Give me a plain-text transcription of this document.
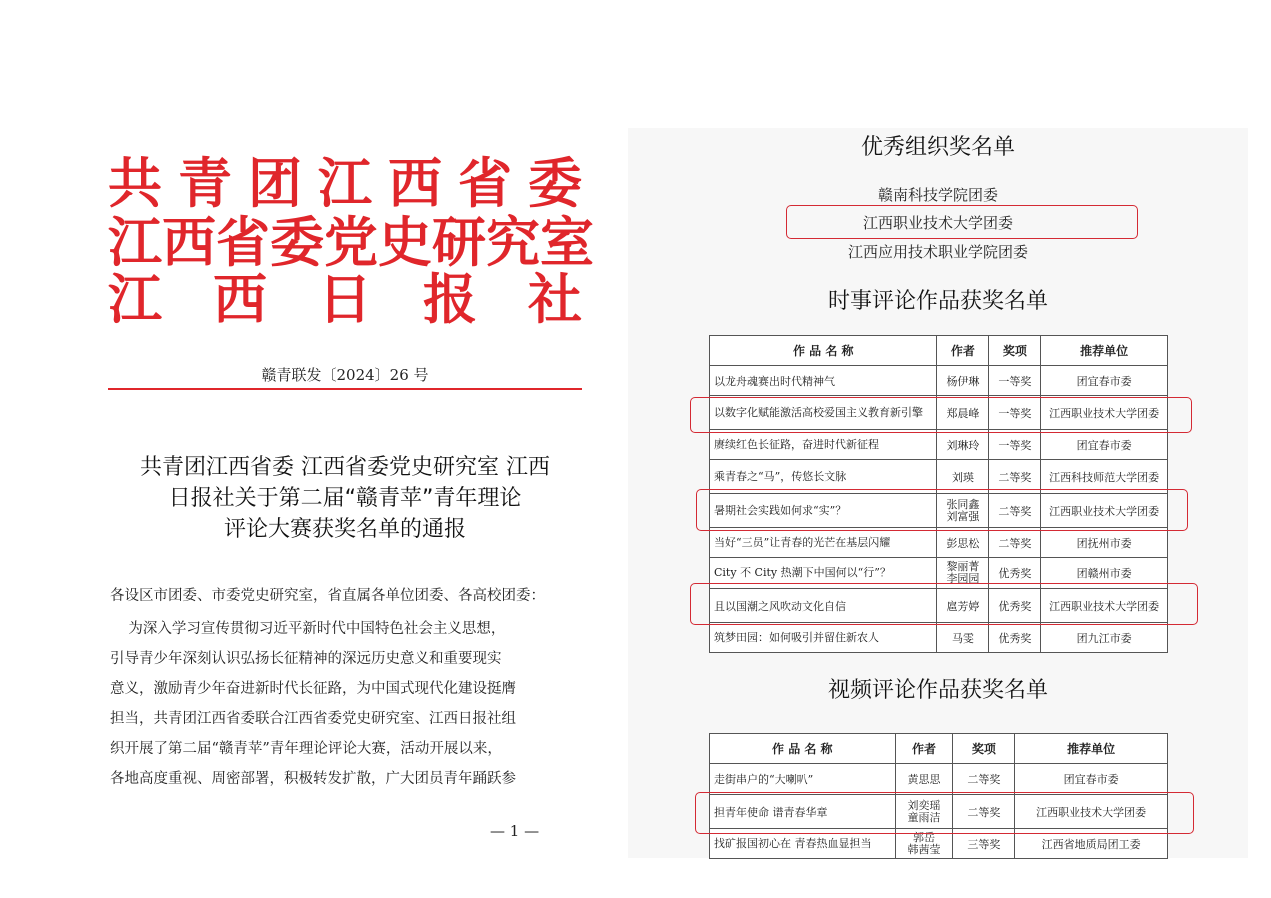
共 青 团 江 西 省 委
江 西 省 委 党 史 研 究 室
江 西 日 报 社
赣青联发〔2024〕26 号
共青团江西省委 江西省委党史研究室 江西
日报社关于第二届“赣青苹”青年理论
评论大赛获奖名单的通报
各设区市团委、市委党史研究室，省直属各单位团委、各高校团委：
为深入学习宣传贯彻习近平新时代中国特色社会主义思想，
引导青少年深刻认识弘扬长征精神的深远历史意义和重要现实
意义，激励青少年奋进新时代长征路，为中国式现代化建设挺膺
担当，共青团江西省委联合江西省委党史研究室、江西日报社组
织开展了第二届“赣青苹”青年理论评论大赛，活动开展以来，
各地高度重视、周密部署，积极转发扩散，广大团员青年踊跃参
— 1 —
优秀组织奖名单
赣南科技学院团委
江西职业技术大学团委
江西应用技术职业学院团委
时事评论作品获奖名单
作 品 名 称	作者	奖项	推荐单位
以龙舟魂赛出时代精神气	杨伊琳	一等奖	团宜春市委
以数字化赋能激活高校爱国主义教育新引擎	郑晨峰	一等奖	江西职业技术大学团委
赓续红色长征路，奋进时代新征程	刘琳玲	一等奖	团宜春市委
乘青春之“马”，传悠长文脉	刘瑛	二等奖	江西科技师范大学团委
暑期社会实践如何求“实”？	张同鑫
刘富强	二等奖	江西职业技术大学团委
当好“三员”让青春的光芒在基层闪耀	彭思松	二等奖	团抚州市委
City 不 City 热潮下中国何以“行”？	黎丽菁
李园园	优秀奖	团赣州市委
且以国潮之风吹动文化自信	扈芳婷	优秀奖	江西职业技术大学团委
筑梦田园：如何吸引并留住新农人	马雯	优秀奖	团九江市委
视频评论作品获奖名单
作 品 名 称	作者	奖项	推荐单位
走街串户的“大喇叭”	黄思思	二等奖	团宜春市委
担青年使命 谱青春华章	刘奕瑶
童雨洁	二等奖	江西职业技术大学团委
找矿报国初心在 青春热血显担当	郭岳
韩茜莹	三等奖	江西省地质局团工委
